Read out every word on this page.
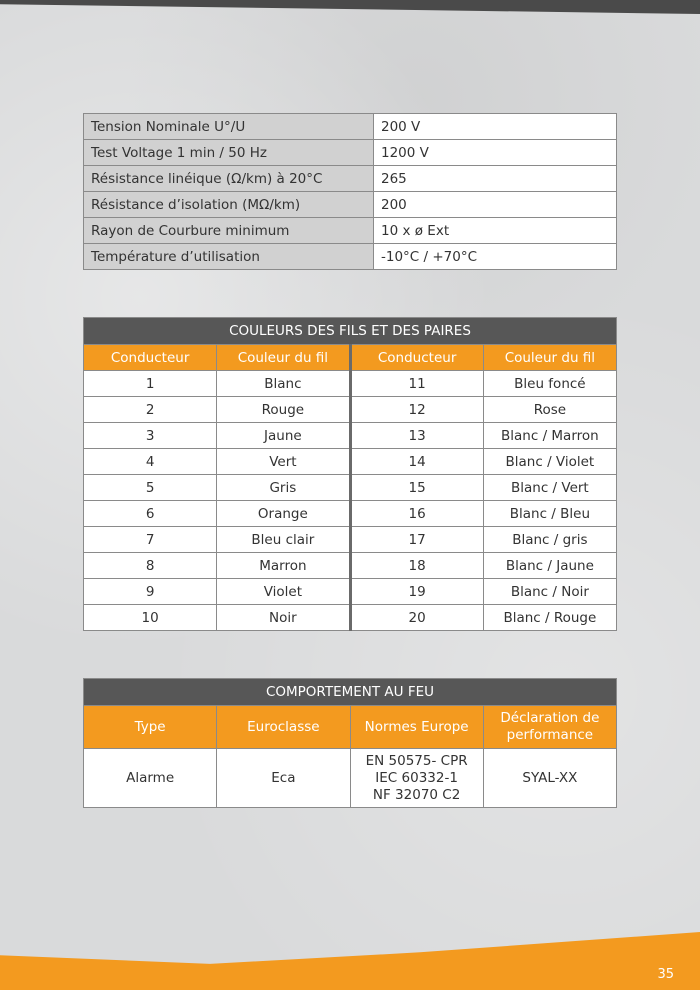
Tension Nominale U°/U	200 V
Test Voltage 1 min / 50 Hz	1200 V
Résistance linéique (Ω/km) à 20°C	265
Résistance d’isolation (MΩ/km)	200
Rayon de Courbure minimum	10 x ø Ext
Température d’utilisation	-10°C / +70°C
COULEURS DES FILS ET DES PAIRES			
Conducteur	Couleur du fil	Conducteur	Couleur du fil
1	Blanc	11	Bleu foncé
2	Rouge	12	Rose
3	Jaune	13	Blanc / Marron
4	Vert	14	Blanc / Violet
5	Gris	15	Blanc / Vert
6	Orange	16	Blanc / Bleu
7	Bleu clair	17	Blanc / gris
8	Marron	18	Blanc / Jaune
9	Violet	19	Blanc / Noir
10	Noir	20	Blanc / Rouge
COMPORTEMENT AU FEU			
Type	Euroclasse	Normes Europe	Déclaration de performance
Alarme	Eca	EN 50575- CPR
IEC 60332-1
NF 32070 C2	SYAL-XX
35
